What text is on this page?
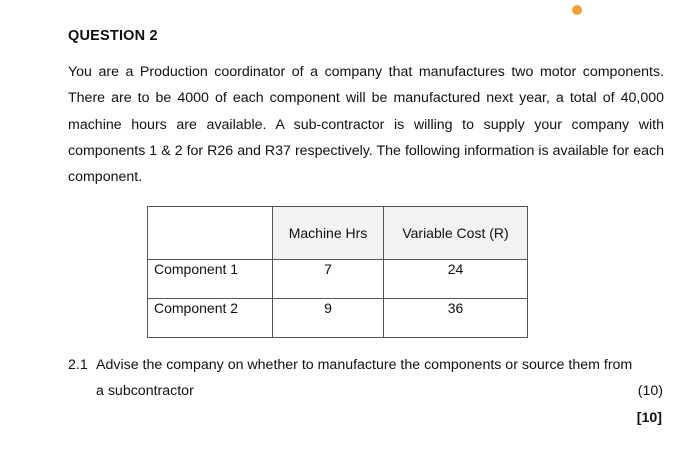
QUESTION 2
You are a Production coordinator of a company that manufactures two motor components. There are to be 4000 of each component will be manufactured next year, a total of 40,000 machine hours are available. A sub-contractor is willing to supply your company with components 1 & 2 for R26 and R37 respectively. The following information is available for each component.
	Machine Hrs	Variable Cost (R)
Component 1	7	24
Component 2	9	36
2.1 Advise the company on whether to manufacture the components or source them from
a subcontractor	(10)
[10]
